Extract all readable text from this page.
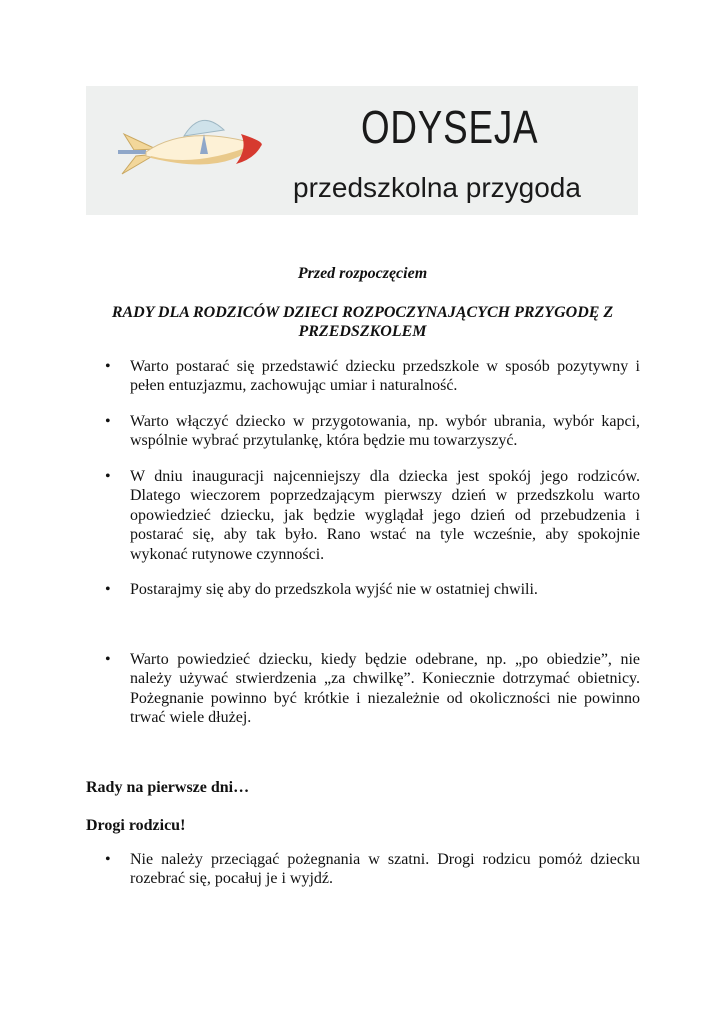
ODYSEJA
przedszkolna przygoda
Przed rozpoczęciem
RADY DLA RODZICÓW DZIECI ROZPOCZYNAJĄCYCH PRZYGODĘ Z PRZEDSZKOLEM
• Warto postarać się przedstawić dziecku przedszkole w sposób pozytywny i pełen entuzjazmu, zachowując umiar i naturalność.
• Warto włączyć dziecko w przygotowania, np. wybór ubrania, wybór kapci, wspólnie wybrać przytulankę, która będzie mu towarzyszyć.
• W dniu inauguracji najcenniejszy dla dziecka jest spokój jego rodziców. Dlatego wieczorem poprzedzającym pierwszy dzień w przedszkolu warto opowiedzieć dziecku, jak będzie wyglądał jego dzień od przebudzenia i postarać się, aby tak było. Rano wstać na tyle wcześnie, aby spokojnie wykonać rutynowe czynności.
• Postarajmy się aby do przedszkola wyjść nie w ostatniej chwili.
• Warto powiedzieć dziecku, kiedy będzie odebrane, np. „po obiedzie”, nie należy używać stwierdzenia „za chwilkę”. Koniecznie dotrzymać obietnicy. Pożegnanie powinno być krótkie i niezależnie od okoliczności nie powinno trwać wiele dłużej.
Rady na pierwsze dni…
Drogi rodzicu!
• Nie należy przeciągać pożegnania w szatni. Drogi rodzicu pomóż dziecku rozebrać się, pocałuj je i wyjdź.
